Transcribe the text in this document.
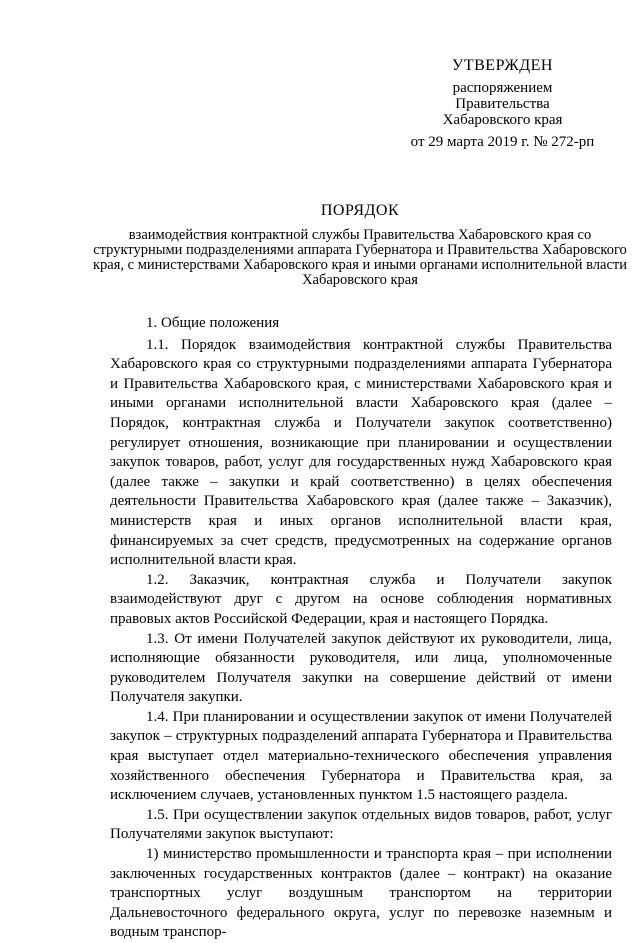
УТВЕРЖДЕН
распоряжением
Правительства
Хабаровского края
от 29 марта 2019 г. № 272-рп
ПОРЯДОК
взаимодействия контрактной службы Правительства Хабаровского края со структурными подразделениями аппарата Губернатора и Правительства Хабаровского края, с министерствами Хабаровского края и иными органами исполнительной власти Хабаровского края

1. Общие положения

1.1. Порядок взаимодействия контрактной службы Правительства Хабаровского края со структурными подразделениями аппарата Губернатора и Правительства Хабаровского края, с министерствами Хабаровского края и иными органами исполнительной власти Хабаровского края (далее – Порядок, контрактная служба и Получатели закупок соответственно) регулирует отношения, возникающие при планировании и осуществлении закупок товаров, работ, услуг для государственных нужд Хабаровского края (далее также – закупки и край соответственно) в целях обеспечения деятельности Правительства Хабаровского края (далее также – Заказчик), министерств края и иных органов исполнительной власти края, финансируемых за счет средств, предусмотренных на содержание органов исполнительной власти края.

1.2. Заказчик, контрактная служба и Получатели закупок взаимодействуют друг с другом на основе соблюдения нормативных правовых актов Российской Федерации, края и настоящего Порядка.

1.3. От имени Получателей закупок действуют их руководители, лица, исполняющие обязанности руководителя, или лица, уполномоченные руководителем Получателя закупки на совершение действий от имени Получателя закупки.

1.4. При планировании и осуществлении закупок от имени Получателей закупок – структурных подразделений аппарата Губернатора и Правительства края выступает отдел материально-технического обеспечения управления хозяйственного обеспечения Губернатора и Правительства края, за исключением случаев, установленных пунктом 1.5 настоящего раздела.

1.5. При осуществлении закупок отдельных видов товаров, работ, услуг Получателями закупок выступают:

1) министерство промышленности и транспорта края – при исполнении заключенных государственных контрактов (далее – контракт) на оказание транспортных услуг воздушным транспортом на территории Дальневосточного федерального округа, услуг по перевозке наземным и водным транспор-
